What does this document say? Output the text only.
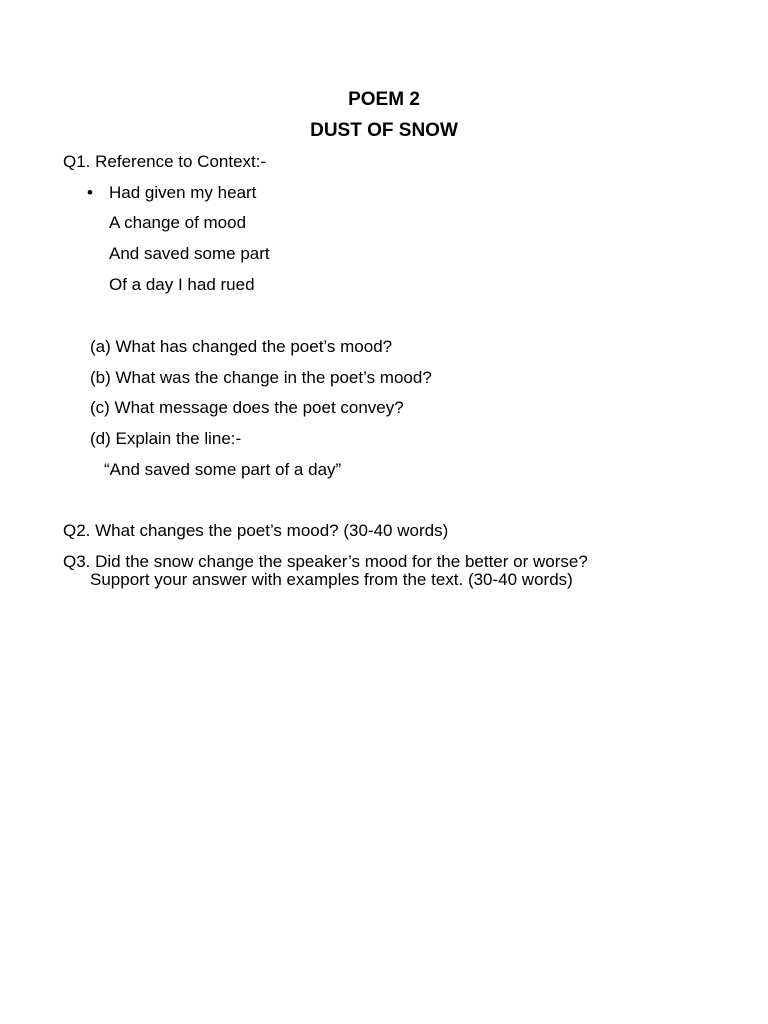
POEM 2
DUST OF SNOW

Q1. Reference to Context:-

• Had given my heart

A change of mood

And saved some part

Of a day I had rued

(a) What has changed the poet’s mood?

(b) What was the change in the poet’s mood?

(c) What message does the poet convey?

(d) Explain the line:-

“And saved some part of a day”

Q2. What changes the poet’s mood? (30-40 words)

Q3. Did the snow change the speaker’s mood for the better or worse?

Support your answer with examples from the text. (30-40 words)
